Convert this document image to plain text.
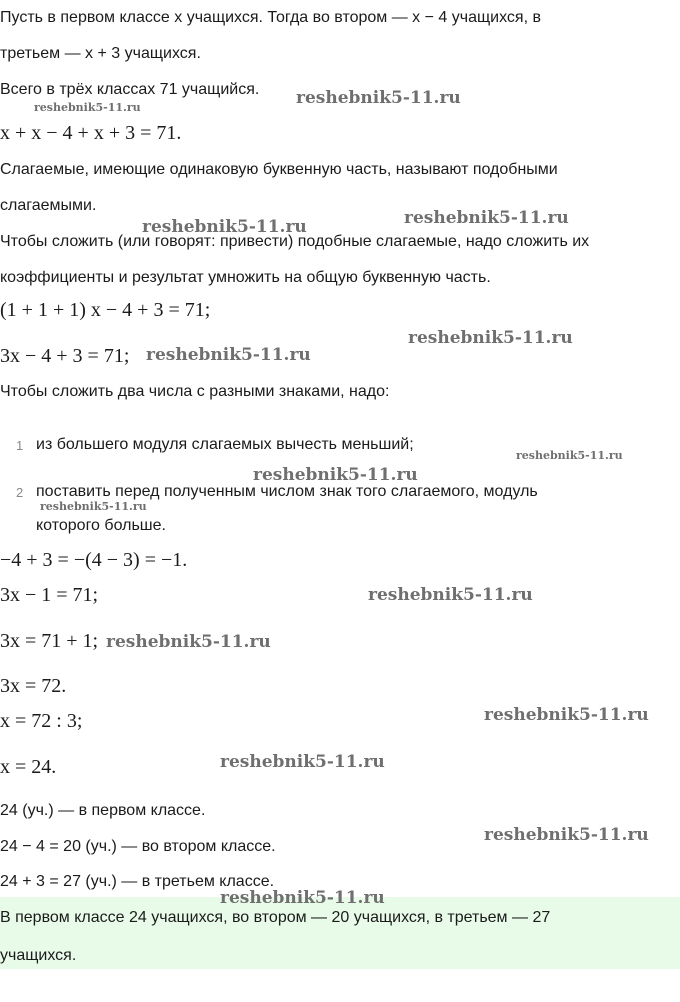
Пусть в первом классе x учащихся. Тогда во втором — x − 4 учащихся, в
третьем — x + 3 учащихся.
Всего в трёх классах 71 учащийся.
x + x − 4 + x + 3 = 71.
Слагаемые, имеющие одинаковую буквенную часть, называют подобными
слагаемыми.
Чтобы сложить (или говорят: привести) подобные слагаемые, надо сложить их
коэффициенты и результат умножить на общую буквенную часть.
(1 + 1 + 1) x − 4 + 3 = 71;
3x − 4 + 3 = 71;
Чтобы сложить два числа с разными знаками, надо:
1 из большего модуля слагаемых вычесть меньший;
2 поставить перед полученным числом знак того слагаемого, модуль
которого больше.
−4 + 3 = −(4 − 3) = −1.
3x − 1 = 71;
3x = 71 + 1;
3x = 72.
x = 72 : 3;
x = 24.
24 (уч.) — в первом классе.
24 − 4 = 20 (уч.) — во втором классе.
24 + 3 = 27 (уч.) — в третьем классе.
В первом классе 24 учащихся, во втором — 20 учащихся, в третьем — 27
учащихся.
reshebnik5-11.ru
reshebnik5-11.ru
reshebnik5-11.ru	reshebnik5-11.ru
reshebnik5-11.ru
reshebnik5-11.ru
reshebnik5-11.ru
reshebnik5-11.ru
reshebnik5-11.ru
reshebnik5-11.ru
reshebnik5-11.ru
reshebnik5-11.ru
reshebnik5-11.ru
reshebnik5-11.ru
reshebnik5-11.ru
